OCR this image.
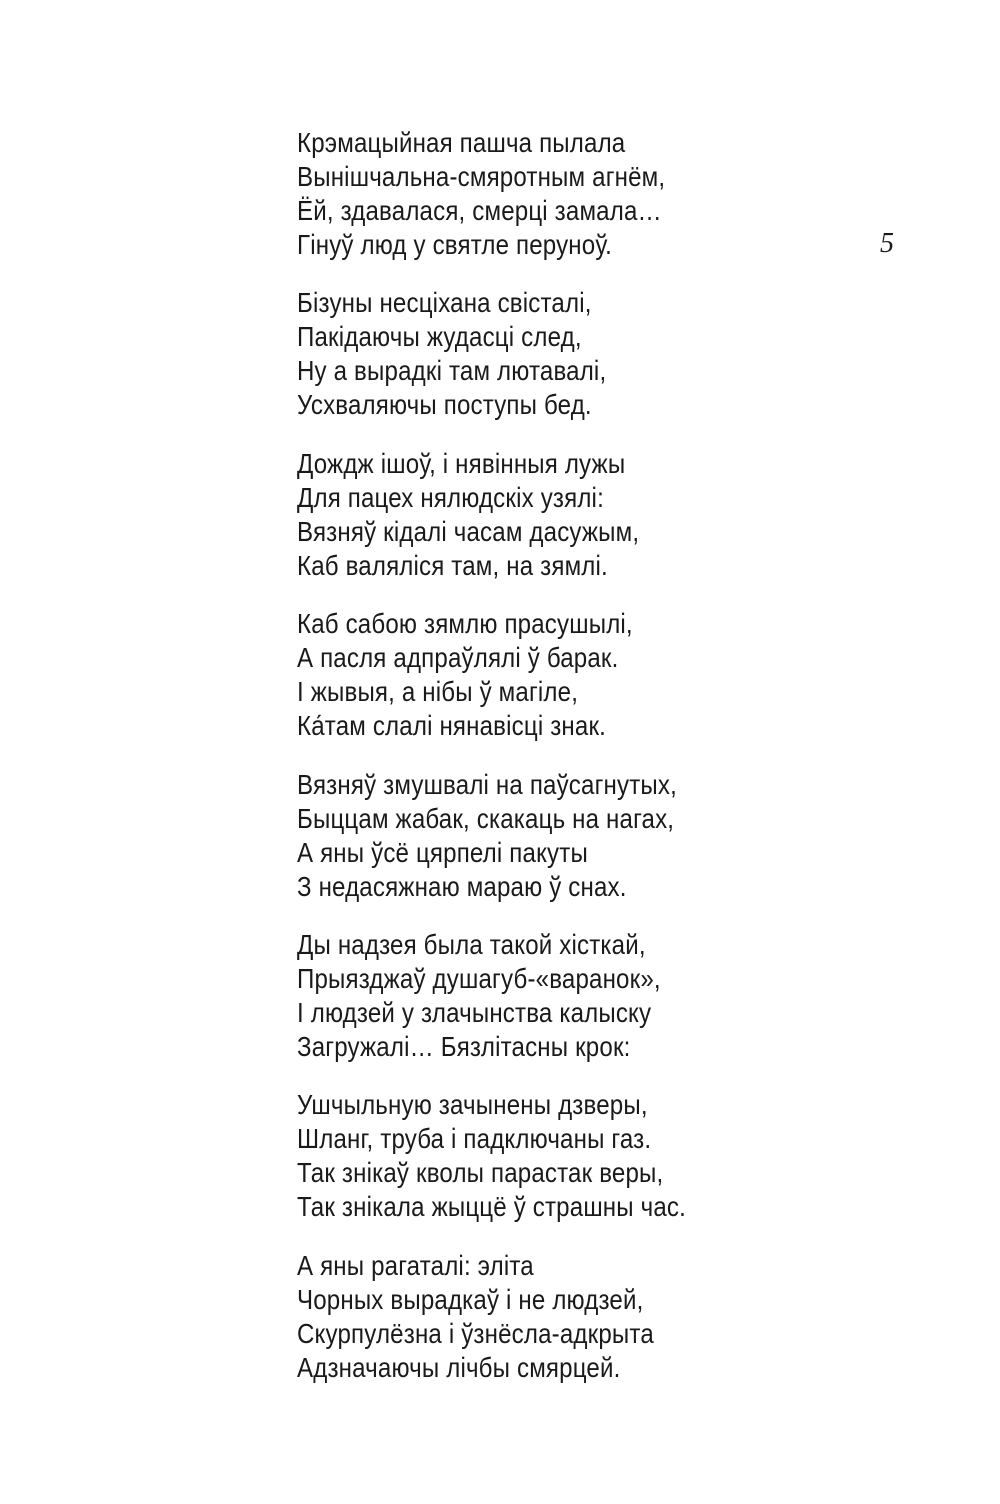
5
Крэмацыйная пашча пылала
Вынішчальна-смяротным агнём,
Ёй, здавалася, смерці замала…
Гінуў люд у святле перуноў.
Бізуны несціхана свісталі,
Пакідаючы жудасці след,
Ну а вырадкі там лютавалі,
Усхваляючы поступы бед.
Дождж ішоў, і нявінныя лужы
Для пацех нялюдскіх узялі:
Вязняў кідалі часам дасужым,
Каб валяліся там, на зямлі.
Каб сабою зямлю прасушылі,
А пасля адпраўлялі ў барак.
І жывыя, а нібы ў магіле,
Ка́там слалі нянавісці знак.
Вязняў змушвалі на паўсагнутых,
Быццам жабак, скакаць на нагах,
А яны ўсё цярпелі пакуты
З недасяжнаю мараю ў снах.
Ды надзея была такой хісткай,
Прыязджаў душагуб-«варанок»,
І людзей у злачынства калыску
Загружалі… Бязлітасны крок:
Ушчыльную зачынены дзверы,
Шланг, труба і падключаны газ.
Так знікаў кволы парастак веры,
Так знікала жыццё ў страшны час.
А яны рагаталі: эліта
Чорных вырадкаў і не людзей,
Скурпулёзна і ўзнёсла-адкрыта
Адзначаючы лічбы смярцей.
